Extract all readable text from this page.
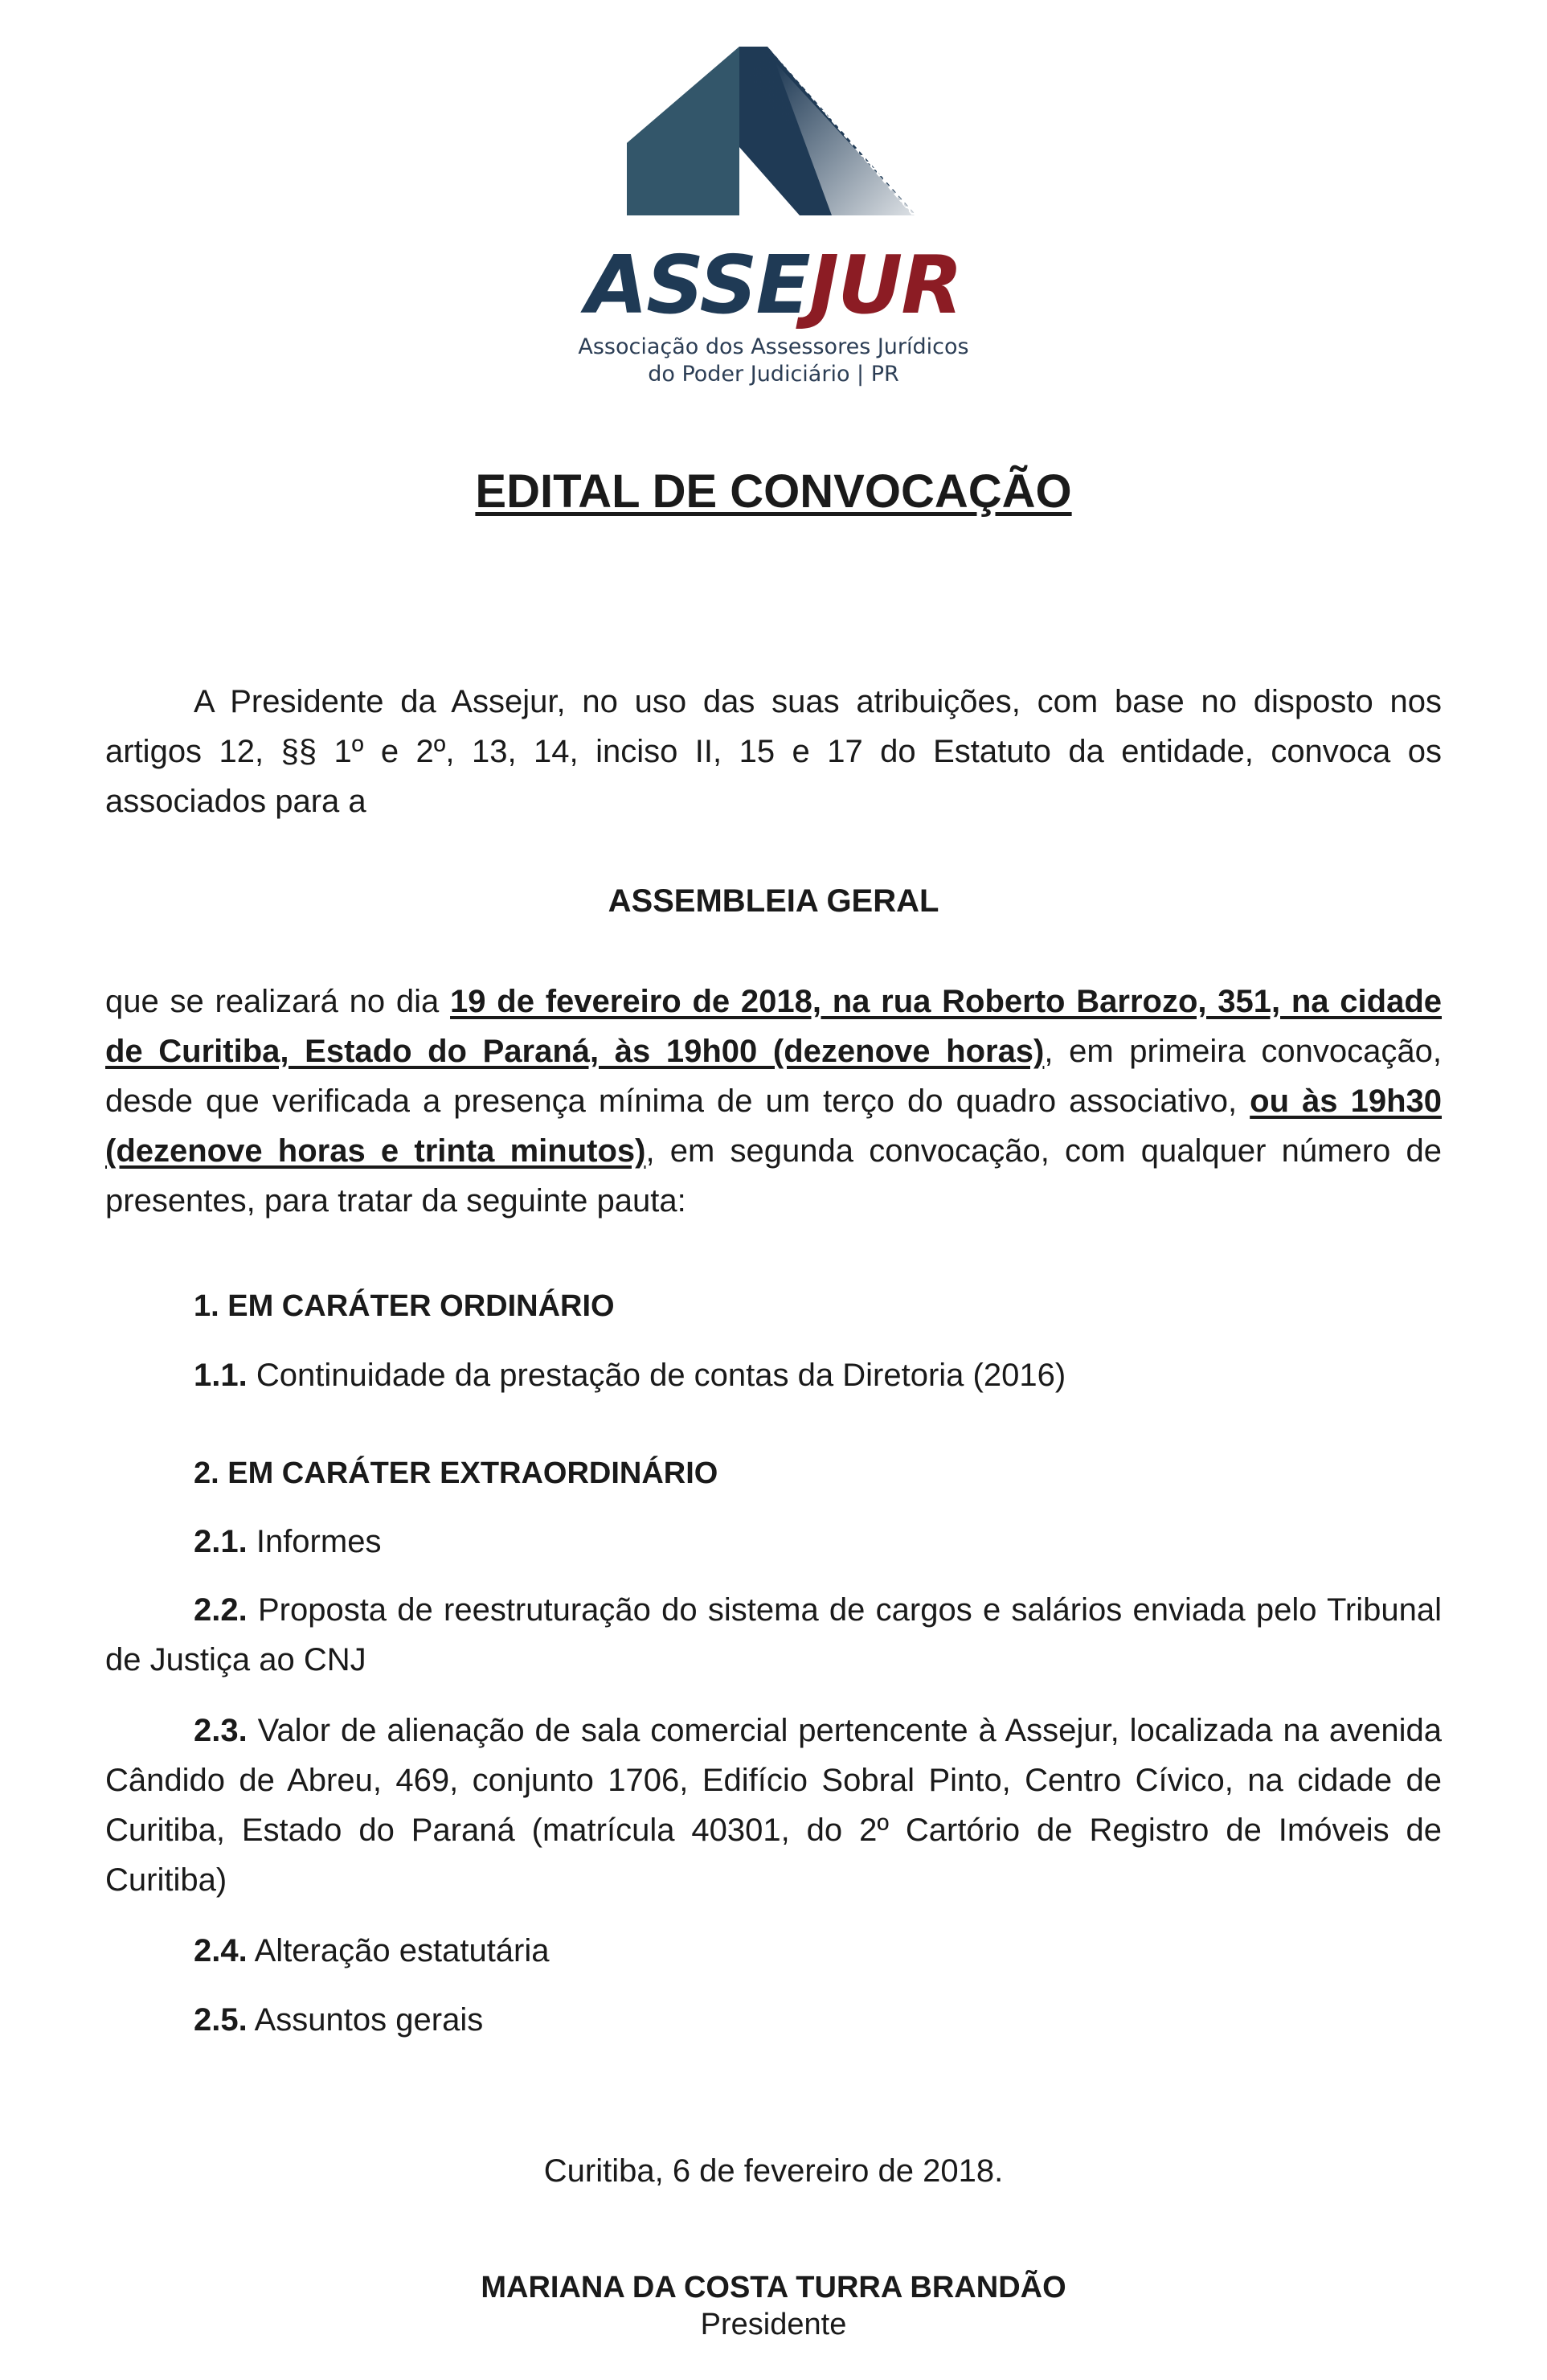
ASSEJUR
Associação dos Assessores Jurídicos
do Poder Judiciário | PR
EDITAL DE CONVOCAÇÃO
A Presidente da Assejur, no uso das suas atribuições, com base no disposto nos artigos 12, §§ 1º e 2º, 13, 14, inciso II, 15 e 17 do Estatuto da entidade, convoca os associados para a
ASSEMBLEIA GERAL
que se realizará no dia 19 de fevereiro de 2018, na rua Roberto Barrozo, 351, na cidade de Curitiba, Estado do Paraná, às 19h00 (dezenove horas), em primeira convocação, desde que verificada a presença mínima de um terço do quadro associativo, ou às 19h30 (dezenove horas e trinta minutos), em segunda convocação, com qualquer número de presentes, para tratar da seguinte pauta:
1. EM CARÁTER ORDINÁRIO
1.1. Continuidade da prestação de contas da Diretoria (2016)
2. EM CARÁTER EXTRAORDINÁRIO
2.1. Informes
2.2. Proposta de reestruturação do sistema de cargos e salários enviada pelo Tribunal de Justiça ao CNJ
2.3. Valor de alienação de sala comercial pertencente à Assejur, localizada na avenida Cândido de Abreu, 469, conjunto 1706, Edifício Sobral Pinto, Centro Cívico, na cidade de Curitiba, Estado do Paraná (matrícula 40301, do 2º Cartório de Registro de Imóveis de Curitiba)
2.4. Alteração estatutária
2.5. Assuntos gerais
Curitiba, 6 de fevereiro de 2018.
MARIANA DA COSTA TURRA BRANDÃO
Presidente
